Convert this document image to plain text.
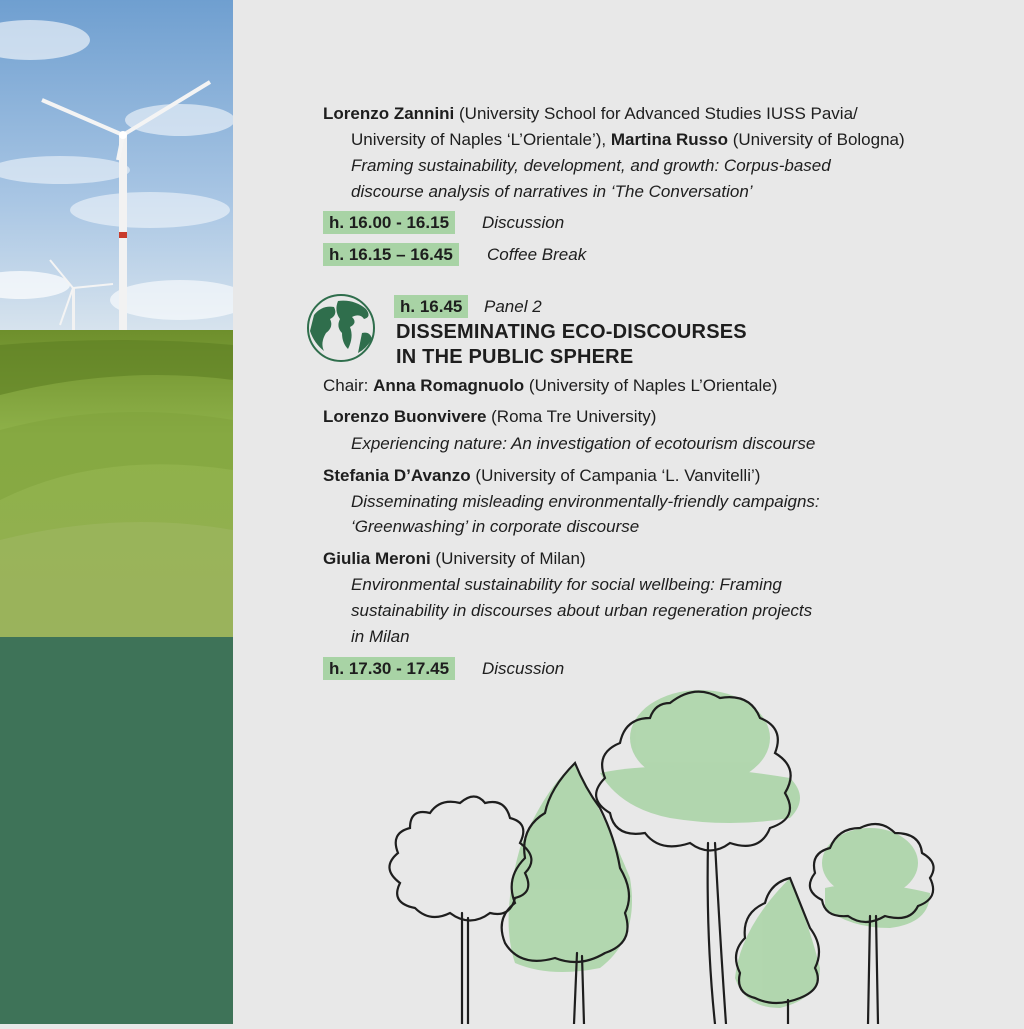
Lorenzo Zannini (University School for Advanced Studies IUSS Pavia/
University of Naples ‘L’Orientale’), Martina Russo (University of Bologna)
Framing sustainability, development, and growth: Corpus-based
discourse analysis of narratives in ‘The Conversation’
h. 16.00 - 16.15	Discussion
h. 16.15 – 16.45	Coffee Break
h. 16.45	Panel 2
DISSEMINATING ECO-DISCOURSES
IN THE PUBLIC SPHERE
Chair: Anna Romagnuolo (University of Naples L’Orientale)
Lorenzo Buonvivere (Roma Tre University)
Experiencing nature: An investigation of ecotourism discourse
Stefania D’Avanzo (University of Campania ‘L. Vanvitelli’)
Disseminating misleading environmentally-friendly campaigns:
‘Greenwashing’ in corporate discourse
Giulia Meroni (University of Milan)
Environmental sustainability for social wellbeing: Framing
sustainability in discourses about urban regeneration projects
in Milan
h. 17.30 - 17.45	Discussion
